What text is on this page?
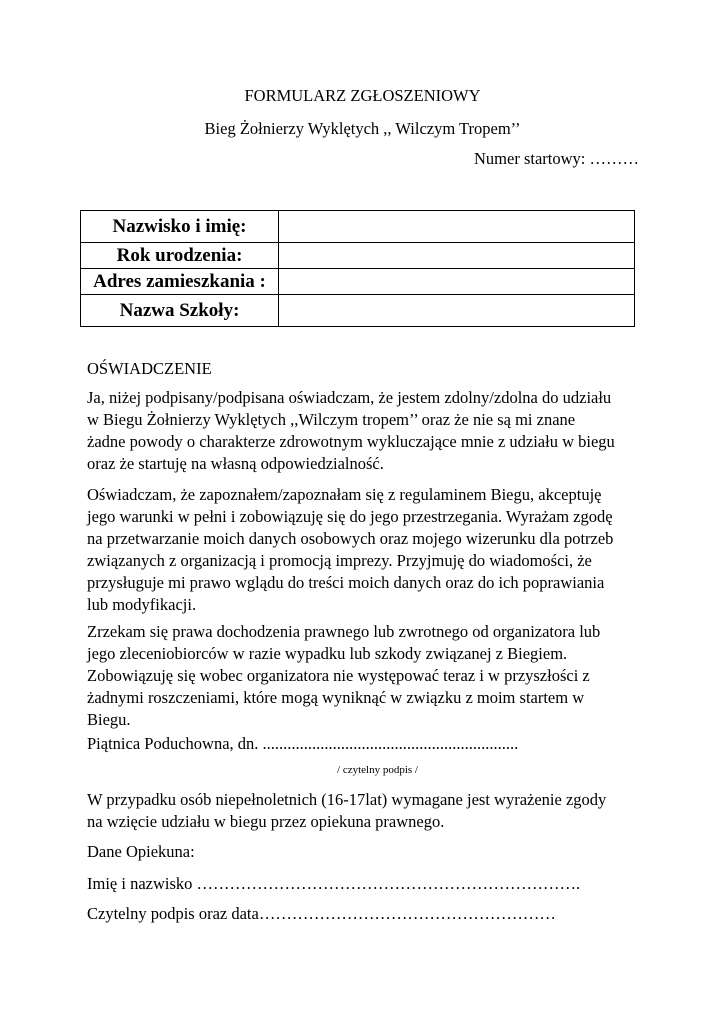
FORMULARZ ZGŁOSZENIOWY
Bieg Żołnierzy Wyklętych ,, Wilczym Tropem’’
Numer startowy: ………
Nazwisko i imię:	
Rok urodzenia:	
Adres zamieszkania :	
Nazwa Szkoły:	
OŚWIADCZENIE
Ja, niżej podpisany/podpisana oświadczam, że jestem zdolny/zdolna do udziału
w Biegu Żołnierzy Wyklętych ,,Wilczym tropem’’ oraz że nie są mi znane
żadne powody o charakterze zdrowotnym wykluczające mnie z udziału w biegu
oraz że startuję na własną odpowiedzialność.
Oświadczam, że zapoznałem/zapoznałam się z regulaminem Biegu, akceptuję
jego warunki w pełni i zobowiązuję się do jego przestrzegania. Wyrażam zgodę
na przetwarzanie moich danych osobowych oraz mojego wizerunku dla potrzeb
związanych z organizacją i promocją imprezy. Przyjmuję do wiadomości, że
przysługuje mi prawo wglądu do treści moich danych oraz do ich poprawiania
lub modyfikacji.
Zrzekam się prawa dochodzenia prawnego lub zwrotnego od organizatora lub
jego zleceniobiorców w razie wypadku lub szkody związanej z Biegiem.
Zobowiązuję się wobec organizatora nie występować teraz i w przyszłości z
żadnymi roszczeniami, które mogą wyniknąć w związku z moim startem w
Biegu.
Piątnica Poduchowna, dn. ..............................................................
/ czytelny podpis /
W przypadku osób niepełnoletnich (16-17lat) wymagane jest wyrażenie zgody
na wzięcie udziału w biegu przez opiekuna prawnego.
Dane Opiekuna:
Imię i nazwisko …………………………………………………………….
Czytelny podpis oraz data………………………………………………
